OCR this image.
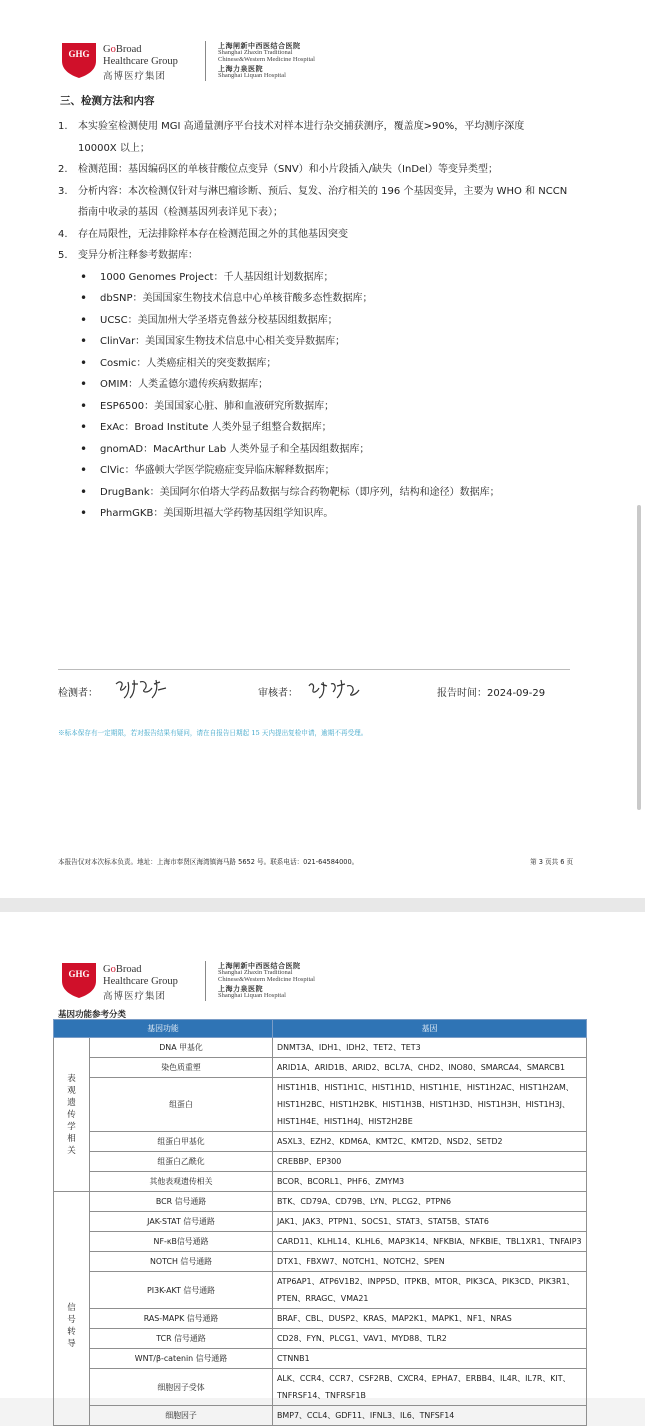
GHG GoBroad
Healthcare Group
高博医疗集团
上海闸新中西医结合医院
Shanghai Zhaxin Traditional
Chinese&Western Medicine Hospital
上海力泉医院
Shanghai Liquan Hospital
三、检测方法和内容
1. 本实验室检测使用 MGI 高通量测序平台技术对样本进行杂交捕获测序，覆盖度>90%，平均测序深度
10000X 以上；
2. 检测范围：基因编码区的单核苷酸位点变异（SNV）和小片段插入/缺失（InDel）等变异类型；
3. 分析内容：本次检测仅针对与淋巴瘤诊断、预后、复发、治疗相关的 196 个基因变异，主要为 WHO 和 NCCN
指南中收录的基因（检测基因列表详见下表）；
4. 存在局限性，无法排除样本存在检测范围之外的其他基因突变
5. 变异分析注释参考数据库：
• 1000 Genomes Project：千人基因组计划数据库；
• dbSNP：美国国家生物技术信息中心单核苷酸多态性数据库；
• UCSC：美国加州大学圣塔克鲁兹分校基因组数据库；
• ClinVar：美国国家生物技术信息中心相关变异数据库；
• Cosmic：人类癌症相关的突变数据库；
• OMIM：人类孟德尔遗传疾病数据库；
• ESP6500：美国国家心脏、肺和血液研究所数据库；
• ExAc：Broad Institute 人类外显子组整合数据库；
• gnomAD：MacArthur Lab 人类外显子和全基因组数据库；
• ClVic：华盛顿大学医学院癌症变异临床解释数据库；
• DrugBank：美国阿尔伯塔大学药品数据与综合药物靶标（即序列，结构和途径）数据库；
• PharmGKB：美国斯坦福大学药物基因组学知识库。
检测者：	审核者：	报告时间：2024-09-29
※标本保存有一定期限，若对报告结果有疑问，请在自报告日期起 15 天内提出复检申请，逾期不再受理。
本报告仅对本次标本负责。地址：上海市奉贤区海湾镇海马路 5652 号。联系电话：021-64584000。	第 3 页共 6 页
GHG GoBroad
Healthcare Group
高博医疗集团
上海闸新中西医结合医院
Shanghai Zhaxin Traditional
Chinese&Western Medicine Hospital
上海力泉医院
Shanghai Liquan Hospital
基因功能参考分类
基因功能		基因
表观遗传学相关	DNA 甲基化	DNMT3A、IDH1、IDH2、TET2、TET3
	染色质重塑	ARID1A、ARID1B、ARID2、BCL7A、CHD2、INO80、SMARCA4、SMARCB1
	组蛋白	HIST1H1B、HIST1H1C、HIST1H1D、HIST1H1E、HIST1H2AC、HIST1H2AM、HIST1H2BC、HIST1H2BK、HIST1H3B、HIST1H3D、HIST1H3H、HIST1H3J、HIST1H4E、HIST1H4J、HIST2H2BE
	组蛋白甲基化	ASXL3、EZH2、KDM6A、KMT2C、KMT2D、NSD2、SETD2
	组蛋白乙酰化	CREBBP、EP300
	其他表观遗传相关	BCOR、BCORL1、PHF6、ZMYM3
信号转导	BCR 信号通路	BTK、CD79A、CD79B、LYN、PLCG2、PTPN6
	JAK-STAT 信号通路	JAK1、JAK3、PTPN1、SOCS1、STAT3、STAT5B、STAT6
	NF-κB信号通路	CARD11、KLHL14、KLHL6、MAP3K14、NFKBIA、NFKBIE、TBL1XR1、TNFAIP3
	NOTCH 信号通路	DTX1、FBXW7、NOTCH1、NOTCH2、SPEN
	PI3K-AKT 信号通路	ATP6AP1、ATP6V1B2、INPP5D、ITPKB、MTOR、PIK3CA、PIK3CD、PIK3R1、PTEN、RRAGC、VMA21
	RAS-MAPK 信号通路	BRAF、CBL、DUSP2、KRAS、MAP2K1、MAPK1、NF1、NRAS
	TCR 信号通路	CD28、FYN、PLCG1、VAV1、MYD88、TLR2
	WNT/β-catenin 信号通路	CTNNB1
	细胞因子受体	ALK、CCR4、CCR7、CSF2RB、CXCR4、EPHA7、ERBB4、IL4R、IL7R、KIT、TNFRSF14、TNFRSF1B
	细胞因子	BMP7、CCL4、GDF11、IFNL3、IL6、TNFSF14
